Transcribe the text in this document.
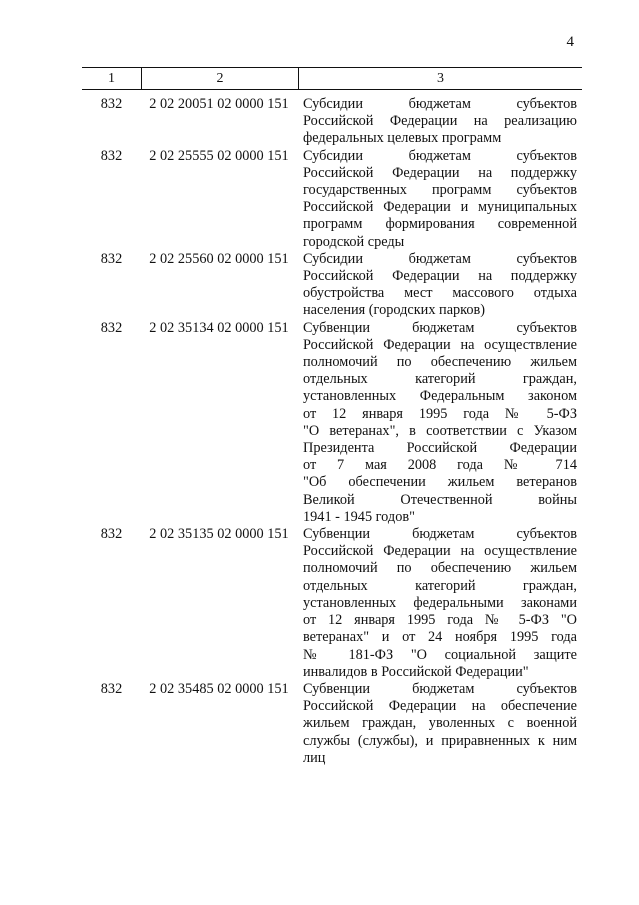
4
1	2	3
832	2 02 20051 02 0000 151 Субсидии бюджетам субъектов
Российской Федерации на реализацию
федеральных целевых программ
832	2 02 25555 02 0000 151 Субсидии бюджетам субъектов
Российской Федерации на поддержку
государственных программ субъектов
Российской Федерации и муниципальных
программ формирования современной
городской среды
832	2 02 25560 02 0000 151 Субсидии бюджетам субъектов
Российской Федерации на поддержку
обустройства мест массового отдыха
населения (городских парков)
832	2 02 35134 02 0000 151 Субвенции бюджетам субъектов
Российской Федерации на осуществление
полномочий по обеспечению жильем
отдельных категорий граждан,
установленных Федеральным законом
от 12 января 1995 года № 5-ФЗ
"О ветеранах", в соответствии с Указом
Президента Российской Федерации
от 7 мая 2008 года № 714
"Об обеспечении жильем ветеранов
Великой Отечественной войны
1941 - 1945 годов"
832	2 02 35135 02 0000 151 Субвенции бюджетам субъектов
Российской Федерации на осуществление
полномочий по обеспечению жильем
отдельных категорий граждан,
установленных федеральными законами
от 12 января 1995 года № 5-ФЗ "О
ветеранах" и от 24 ноября 1995 года
№ 181-ФЗ "О социальной защите
инвалидов в Российской Федерации"
832	2 02 35485 02 0000 151 Субвенции бюджетам субъектов
Российской Федерации на обеспечение
жильем граждан, уволенных с военной
службы (службы), и приравненных к ним
лиц
